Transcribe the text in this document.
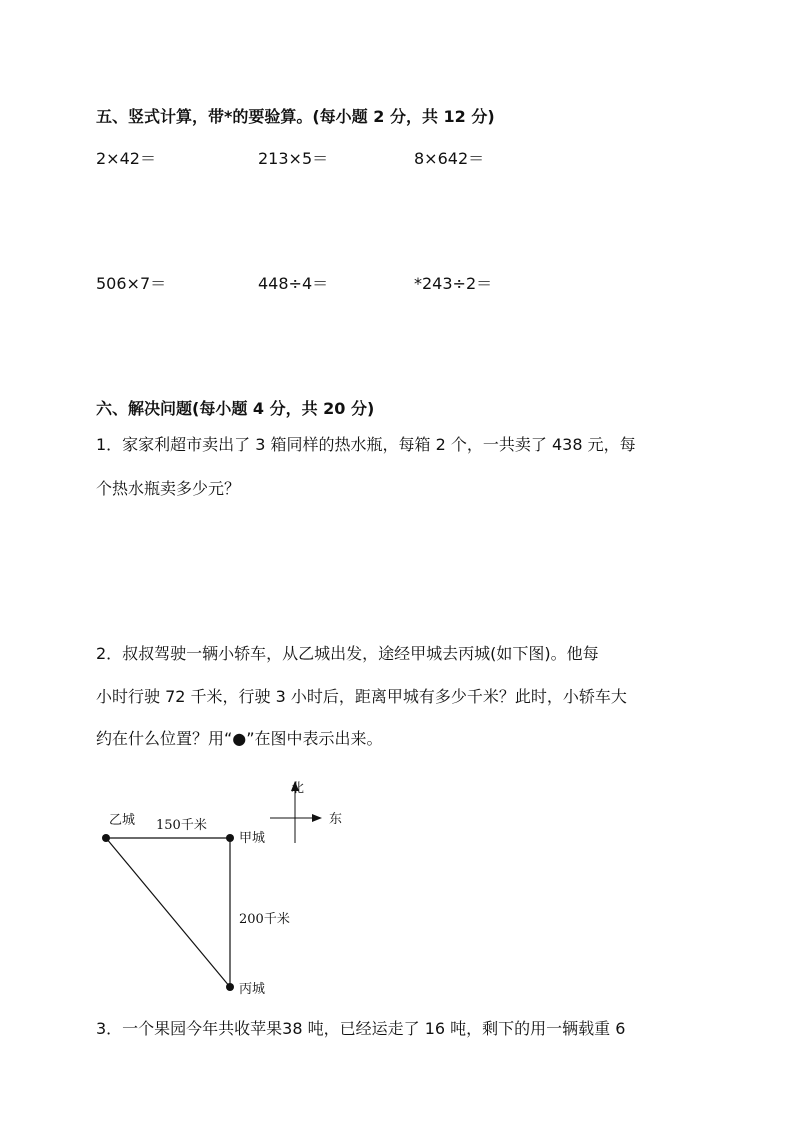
五、竖式计算，带*的要验算。(每小题 2 分，共 12 分)
2×42＝	213×5＝	8×642＝
506×7＝	448÷4＝	*243÷2＝
六、解决问题(每小题 4 分，共 20 分)
1．家家利超市卖出了 3 箱同样的热水瓶，每箱 2 个，一共卖了 438 元，每
个热水瓶卖多少元？
2．叔叔驾驶一辆小轿车，从乙城出发，途经甲城去丙城(如下图)。他每
小时行驶 72 千米，行驶 3 小时后，距离甲城有多少千米？此时，小轿车大
约在什么位置？用“●”在图中表示出来。
北
东
乙城
甲城
丙城
150千米
200千米
3．一个果园今年共收苹果38 吨，已经运走了 16 吨，剩下的用一辆载重 6
